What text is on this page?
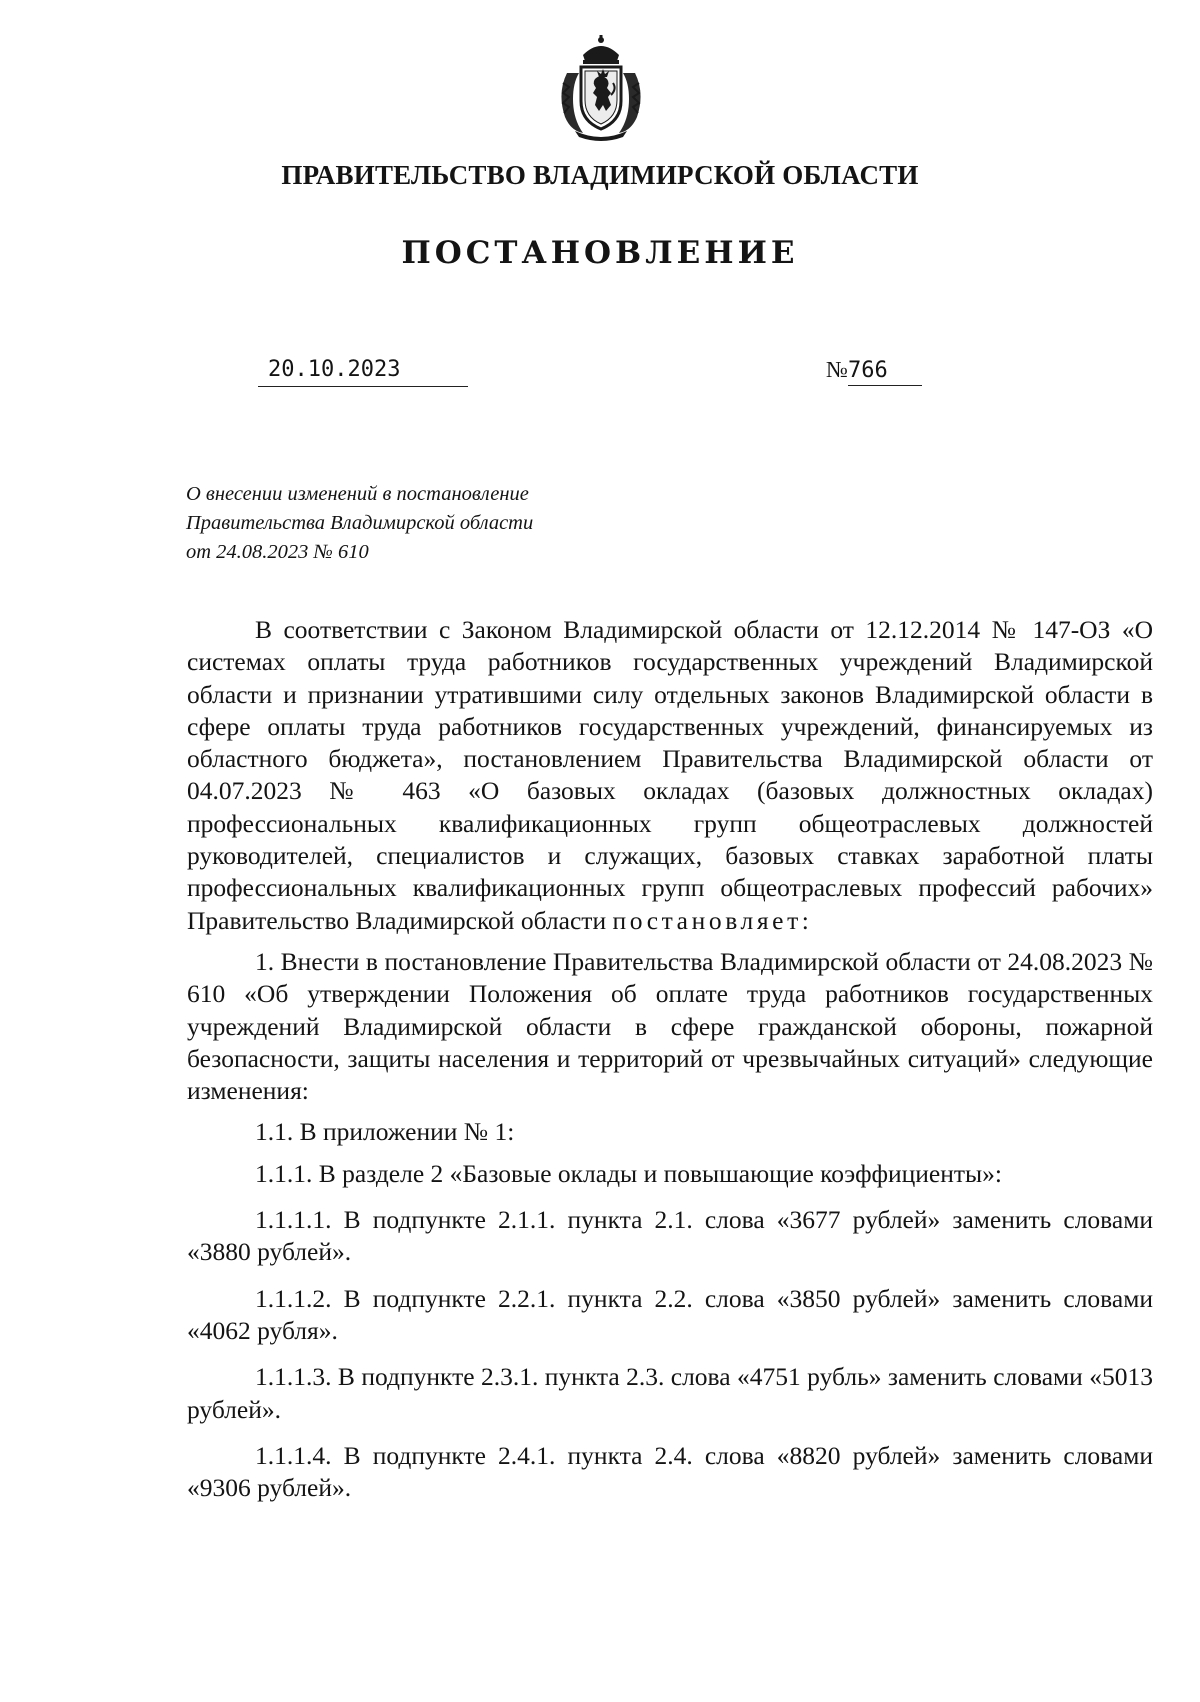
ПРАВИТЕЛЬСТВО ВЛАДИМИРСКОЙ ОБЛАСТИ
ПОСТАНОВЛЕНИЕ
20.10.2023	№766
О внесении изменений в постановление
Правительства Владимирской области
от 24.08.2023 № 610

В соответствии с Законом Владимирской области от 12.12.2014 № 147-ОЗ «О системах оплаты труда работников государственных учреждений Владимирской области и признании утратившими силу отдельных законов Владимирской области в сфере оплаты труда работников государственных учреждений, финансируемых из областного бюджета», постановлением Правительства Владимирской области от 04.07.2023 № 463 «О базовых окладах (базовых должностных окладах) профессиональных квалификационных групп общеотраслевых должностей руководителей, специалистов и служащих, базовых ставках заработной платы профессиональных квалификационных групп общеотраслевых профессий рабочих» Правительство Владимирской области постановляет:

1. Внести в постановление Правительства Владимирской области от 24.08.2023 № 610 «Об утверждении Положения об оплате труда работников государственных учреждений Владимирской области в сфере гражданской обороны, пожарной безопасности, защиты населения и территорий от чрезвычайных ситуаций» следующие изменения:

1.1. В приложении № 1:

1.1.1. В разделе 2 «Базовые оклады и повышающие коэффициенты»:

1.1.1.1. В подпункте 2.1.1. пункта 2.1. слова «3677 рублей» заменить словами «3880 рублей».

1.1.1.2. В подпункте 2.2.1. пункта 2.2. слова «3850 рублей» заменить словами «4062 рубля».

1.1.1.3. В подпункте 2.3.1. пункта 2.3. слова «4751 рубль» заменить словами «5013 рублей».

1.1.1.4. В подпункте 2.4.1. пункта 2.4. слова «8820 рублей» заменить словами «9306 рублей».
